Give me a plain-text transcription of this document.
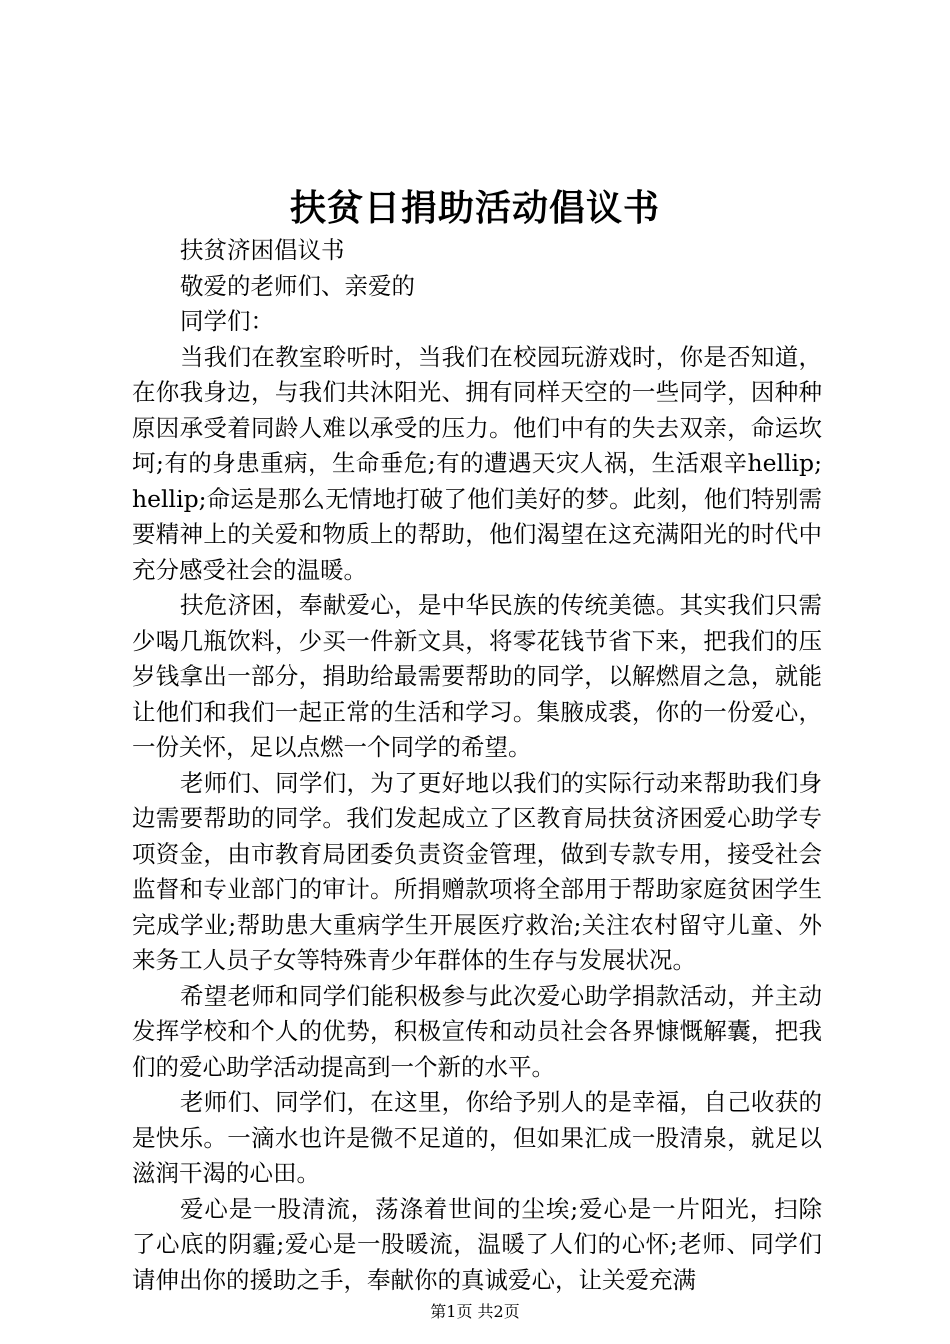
扶贫日捐助活动倡议书

扶贫济困倡议书

敬爱的老师们、亲爱的

同学们：

当我们在教室聆听时，当我们在校园玩游戏时，你是否知道，在你我身边，与我们共沐阳光、拥有同样天空的一些同学，因种种原因承受着同龄人难以承受的压力。他们中有的失去双亲，命运坎坷;有的身患重病，生命垂危;有的遭遇天灾人祸，生活艰辛hellip;hellip;命运是那么无情地打破了他们美好的梦。此刻，他们特别需要精神上的关爱和物质上的帮助，他们渴望在这充满阳光的时代中充分感受社会的温暖。

扶危济困，奉献爱心，是中华民族的传统美德。其实我们只需少喝几瓶饮料，少买一件新文具，将零花钱节省下来，把我们的压岁钱拿出一部分，捐助给最需要帮助的同学，以解燃眉之急，就能让他们和我们一起正常的生活和学习。集腋成裘，你的一份爱心，一份关怀，足以点燃一个同学的希望。

老师们、同学们，为了更好地以我们的实际行动来帮助我们身边需要帮助的同学。我们发起成立了区教育局扶贫济困爱心助学专项资金，由市教育局团委负责资金管理，做到专款专用，接受社会监督和专业部门的审计。所捐赠款项将全部用于帮助家庭贫困学生完成学业;帮助患大重病学生开展医疗救治;关注农村留守儿童、外来务工人员子女等特殊青少年群体的生存与发展状况。

希望老师和同学们能积极参与此次爱心助学捐款活动，并主动发挥学校和个人的优势，积极宣传和动员社会各界慷慨解囊，把我们的爱心助学活动提高到一个新的水平。

老师们、同学们，在这里，你给予别人的是幸福，自己收获的是快乐。一滴水也许是微不足道的，但如果汇成一股清泉，就足以滋润干渴的心田。

爱心是一股清流，荡涤着世间的尘埃;爱心是一片阳光，扫除了心底的阴霾;爱心是一股暖流，温暖了人们的心怀;老师、同学们请伸出你的援助之手，奉献你的真诚爱心，让关爱充满

第1页 共2页
